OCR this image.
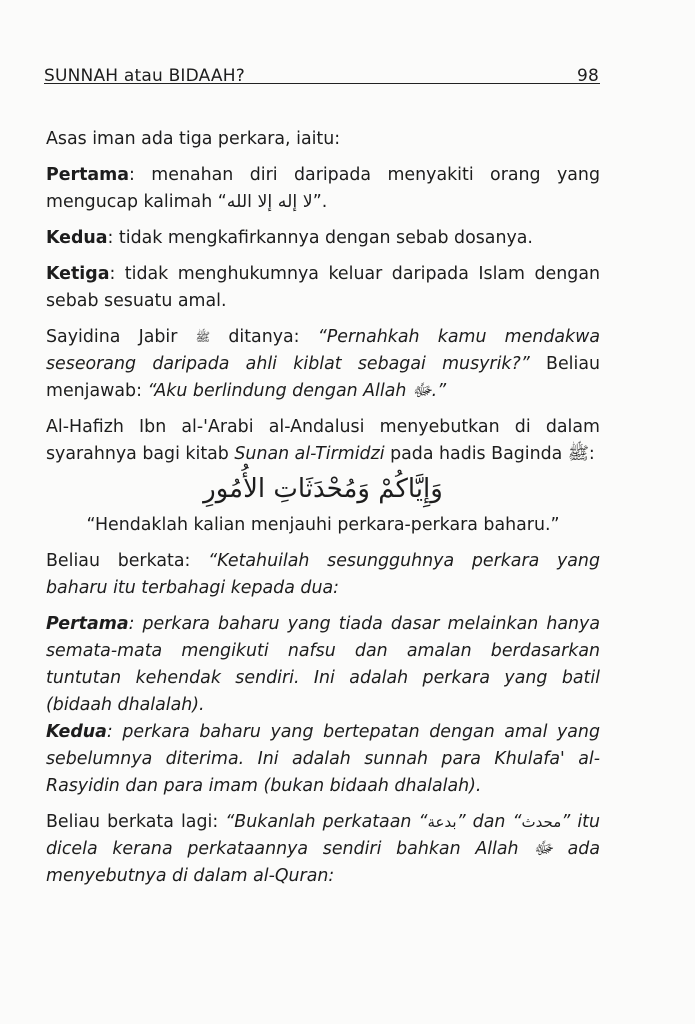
SUNNAH atau BIDAAH?	98

Asas iman ada tiga perkara, iaitu:

Pertama: menahan diri daripada menyakiti orang yang mengucap kalimah “لا إله إلا الله”.

Kedua: tidak mengkafirkannya dengan sebab dosanya.

Ketiga: tidak menghukumnya keluar daripada Islam dengan sebab sesuatu amal.

Sayidina Jabir ﷺ ditanya: “Pernahkah kamu mendakwa seseorang daripada ahli kiblat sebagai musyrik?” Beliau menjawab: “Aku berlindung dengan Allah ﷻ.”

Al-Hafizh Ibn al-'Arabi al-Andalusi menyebutkan di dalam syarahnya bagi kitab Sunan al-Tirmidzi pada hadis Baginda ﷺ:

وَإِيَّاكُمْ وَمُحْدَثَاتِ الأُمُورِ

“Hendaklah kalian menjauhi perkara-perkara baharu.”

Beliau berkata: “Ketahuilah sesungguhnya perkara yang baharu itu terbahagi kepada dua:

Pertama: perkara baharu yang tiada dasar melainkan hanya semata-mata mengikuti nafsu dan amalan berdasarkan tuntutan kehendak sendiri. Ini adalah perkara yang batil (bidaah dhalalah).

Kedua: perkara baharu yang bertepatan dengan amal yang sebelumnya diterima. Ini adalah sunnah para Khulafa' al-Rasyidin dan para imam (bukan bidaah dhalalah).

Beliau berkata lagi: “Bukanlah perkataan “بدعة” dan “محدث” itu dicela kerana perkataannya sendiri bahkan Allah ﷻ ada menyebutnya di dalam al-Quran:
